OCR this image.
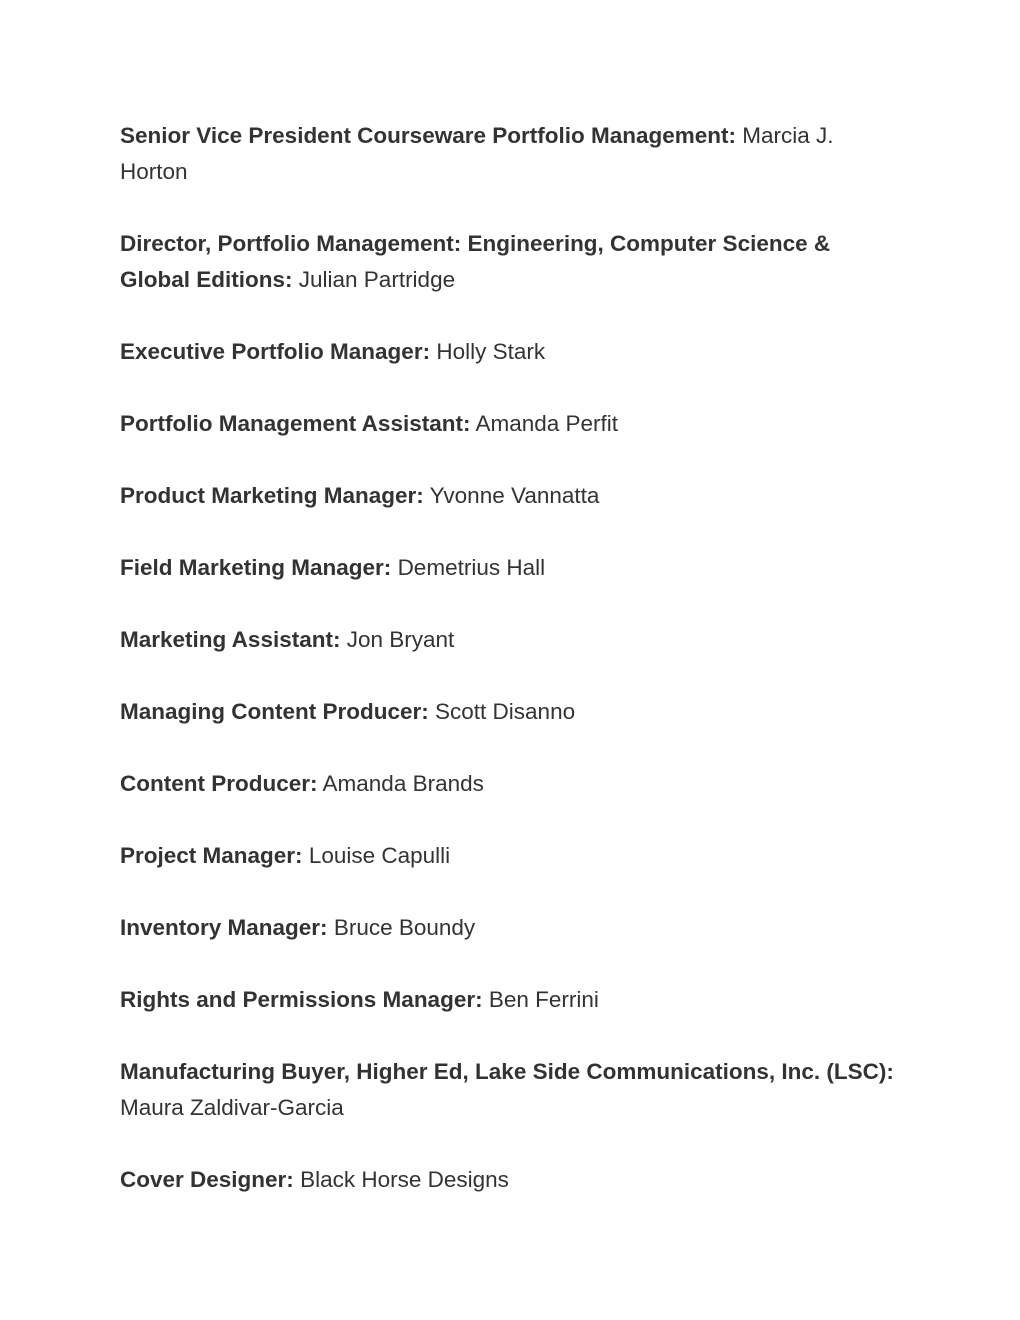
Senior Vice President Courseware Portfolio Management: Marcia J. Horton

Director, Portfolio Management: Engineering, Computer Science & Global Editions: Julian Partridge

Executive Portfolio Manager: Holly Stark

Portfolio Management Assistant: Amanda Perfit

Product Marketing Manager: Yvonne Vannatta

Field Marketing Manager: Demetrius Hall

Marketing Assistant: Jon Bryant

Managing Content Producer: Scott Disanno

Content Producer: Amanda Brands

Project Manager: Louise Capulli

Inventory Manager: Bruce Boundy

Rights and Permissions Manager: Ben Ferrini

Manufacturing Buyer, Higher Ed, Lake Side Communications, Inc. (LSC): Maura Zaldivar-Garcia

Cover Designer: Black Horse Designs
